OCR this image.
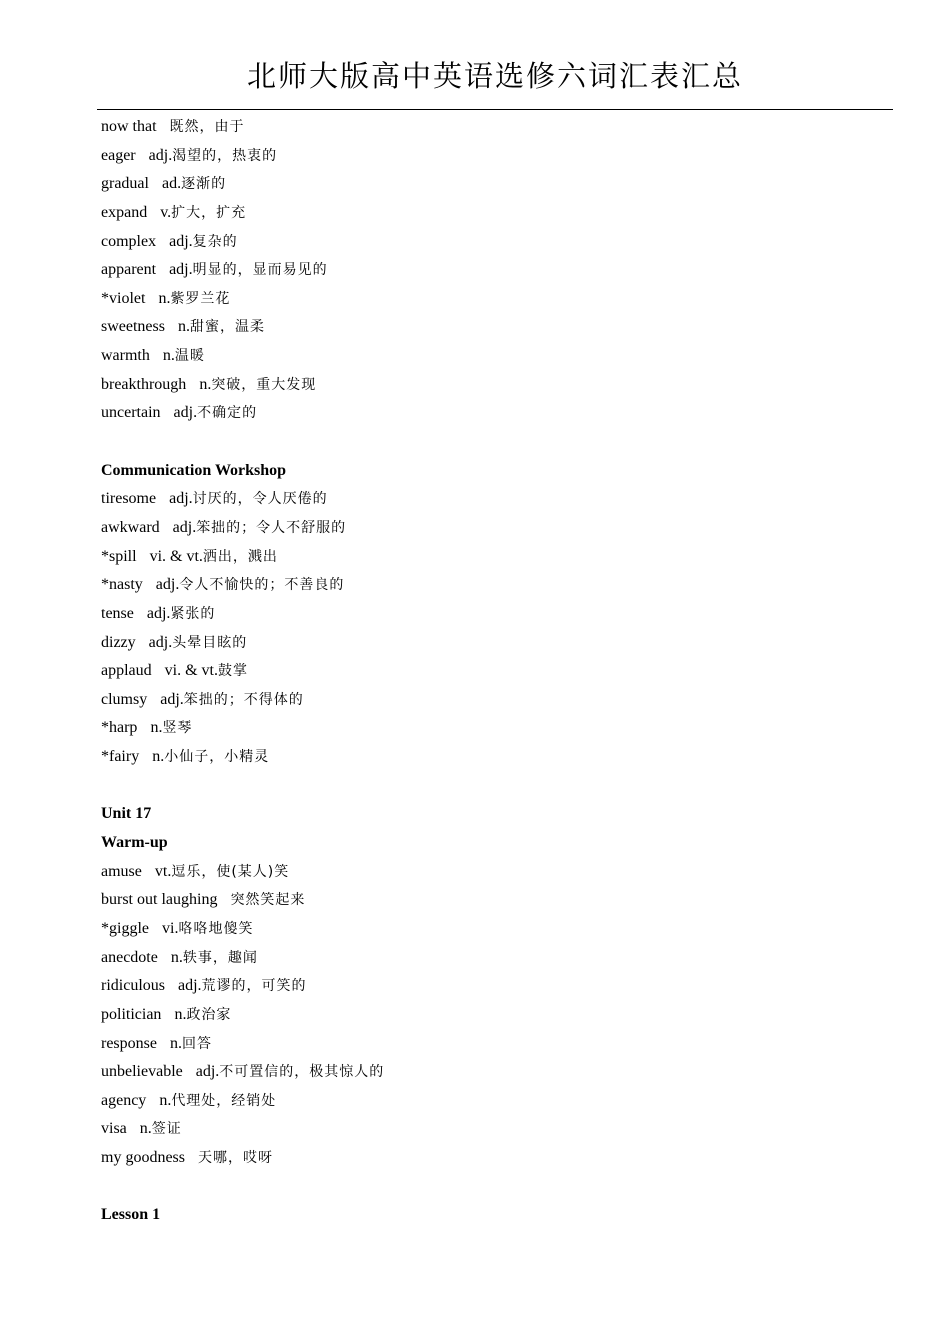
北师大版高中英语选修六词汇表汇总
now that 既然，由于
eager adj.渴望的，热衷的
gradual ad.逐渐的
expand v.扩大，扩充
complex adj.复杂的
apparent adj.明显的，显而易见的
*violet n.紫罗兰花
sweetness n.甜蜜，温柔
warmth n.温暖
breakthrough n.突破，重大发现
uncertain adj.不确定的
Communication Workshop
tiresome adj.讨厌的，令人厌倦的
awkward adj.笨拙的；令人不舒服的
*spill vi. & vt.洒出，溅出
*nasty adj.令人不愉快的；不善良的
tense adj.紧张的
dizzy adj.头晕目眩的
applaud vi. & vt.鼓掌
clumsy adj.笨拙的；不得体的
*harp n.竖琴
*fairy n.小仙子，小精灵
Unit 17
Warm-up
amuse vt.逗乐，使(某人)笑
burst out laughing 突然笑起来
*giggle vi.咯咯地傻笑
anecdote n.轶事，趣闻
ridiculous adj.荒谬的，可笑的
politician n.政治家
response n.回答
unbelievable adj.不可置信的，极其惊人的
agency n.代理处，经销处
visa n.签证
my goodness 天哪，哎呀
Lesson 1
